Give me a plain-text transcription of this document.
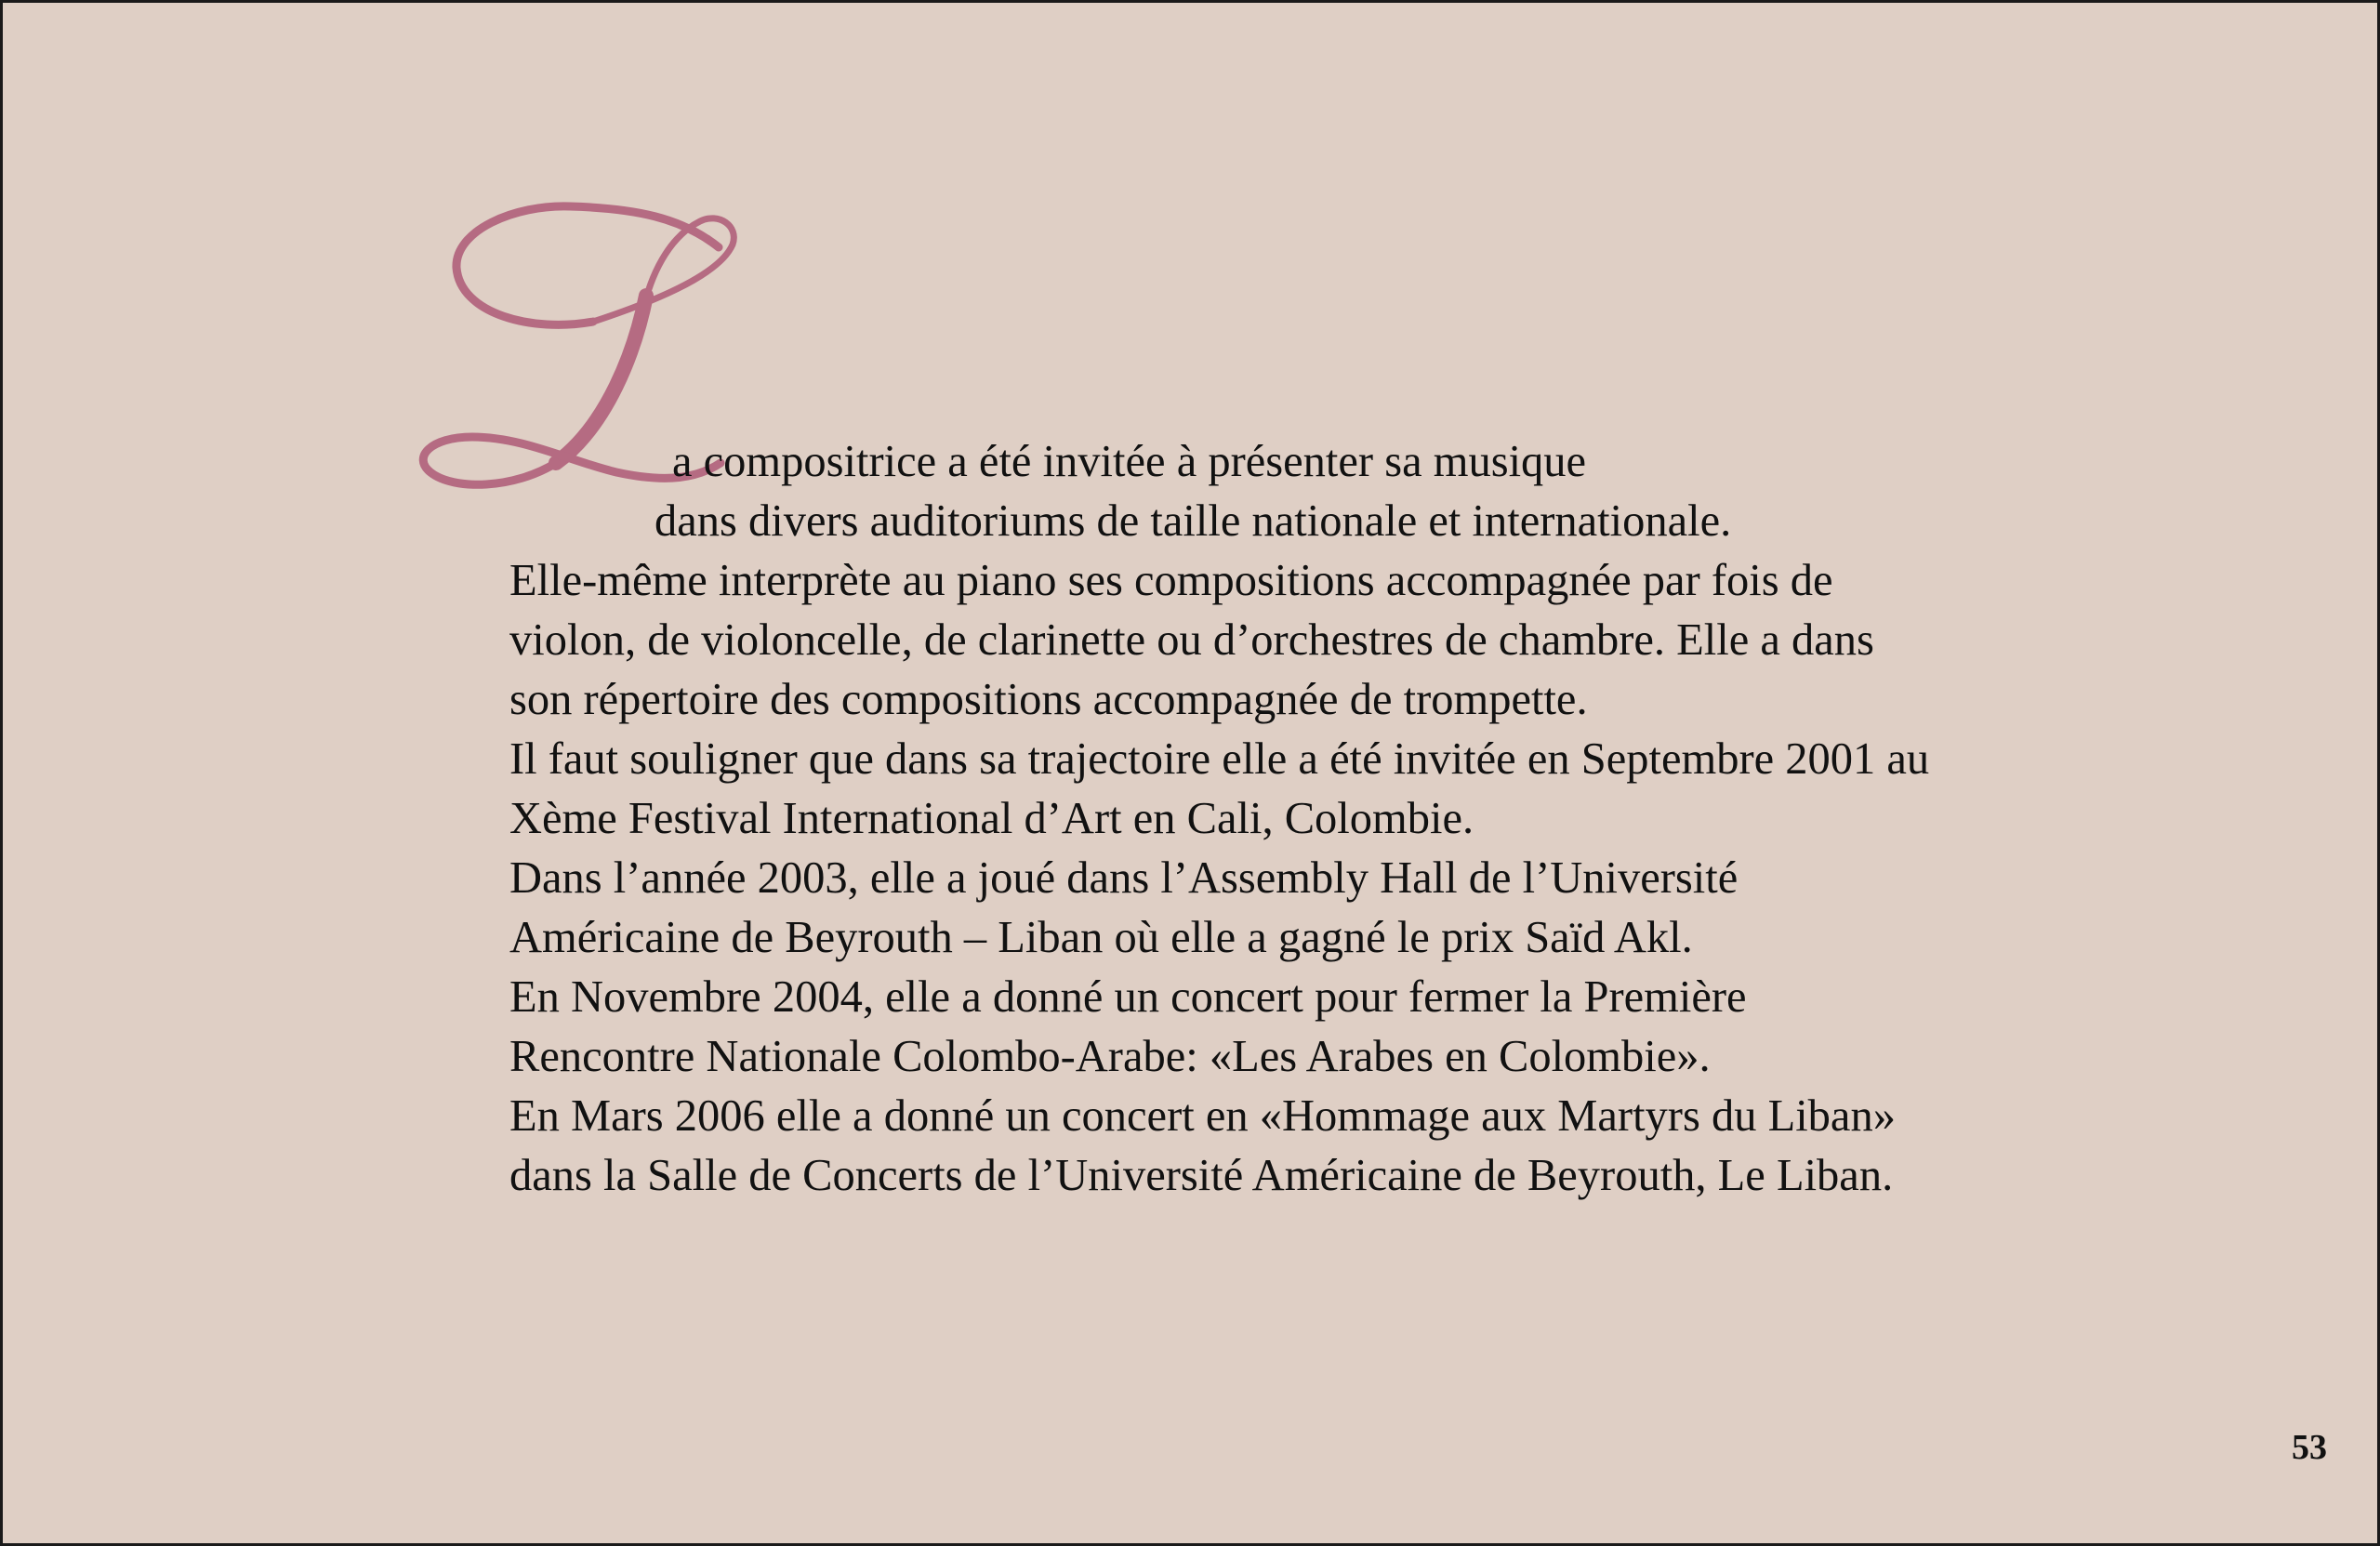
a compositrice a été invitée à présenter sa musique
dans divers auditoriums de taille nationale et internationale.
Elle-même interprète au piano ses compositions accompagnée par fois de
violon, de violoncelle, de clarinette ou d’orchestres de chambre. Elle a dans
son répertoire des compositions accompagnée de trompette.
Il faut souligner que dans sa trajectoire elle a été invitée en Septembre 2001 au
Xème Festival International d’Art en Cali, Colombie.
Dans l’année 2003, elle a joué dans l’Assembly Hall de l’Université
Américaine de Beyrouth – Liban où elle a gagné le prix Saïd Akl.
En Novembre 2004, elle a donné un concert pour fermer la Première
Rencontre Nationale Colombo-Arabe: «Les Arabes en Colombie».
En Mars 2006 elle a donné un concert en «Hommage aux Martyrs du Liban»
dans la Salle de Concerts de l’Université Américaine de Beyrouth, Le Liban.
53
